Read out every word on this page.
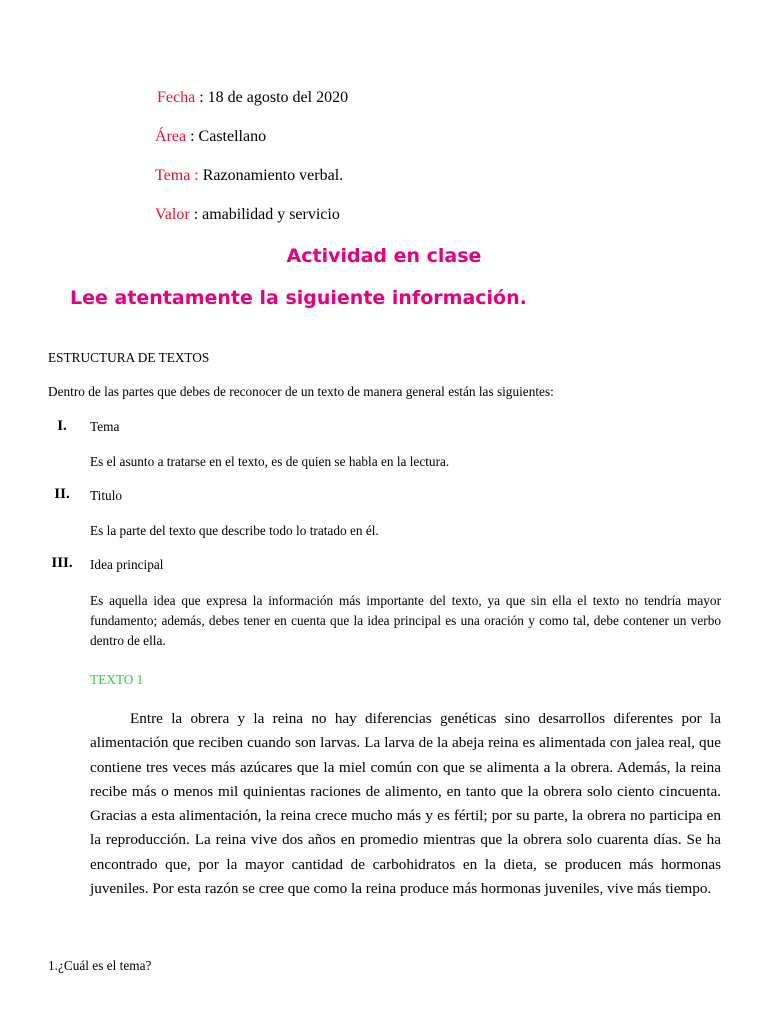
Fecha : 18 de agosto del 2020
Área : Castellano
Tema : Razonamiento verbal.
Valor : amabilidad y servicio
Actividad en clase
Lee atentamente la siguiente información.
ESTRUCTURA DE TEXTOS
Dentro de las partes que debes de reconocer de un texto de manera general están las siguientes:
I.	Tema
Es el asunto a tratarse en el texto, es de quien se habla en la lectura.
II.	Titulo
Es la parte del texto que describe todo lo tratado en él.
III.	Idea principal
Es aquella idea que expresa la información más importante del texto, ya que sin ella el texto no tendría mayor fundamento; además, debes tener en cuenta que la idea principal es una oración y como tal, debe contener un verbo dentro de ella.
TEXTO 1
Entre la obrera y la reina no hay diferencias genéticas sino desarrollos diferentes por la alimentación que reciben cuando son larvas. La larva de la abeja reina es alimentada con jalea real, que contiene tres veces más azúcares que la miel común con que se alimenta a la obrera. Además, la reina recibe más o menos mil quinientas raciones de alimento, en tanto que la obrera solo ciento cincuenta. Gracias a esta alimentación, la reina crece mucho más y es fértil; por su parte, la obrera no participa en la reproducción. La reina vive dos años en promedio mientras que la obrera solo cuarenta días. Se ha encontrado que, por la mayor cantidad de carbohidratos en la dieta, se producen más hormonas juveniles. Por esta razón se cree que como la reina produce más hormonas juveniles, vive más tiempo.
1.¿Cuál es el tema?
